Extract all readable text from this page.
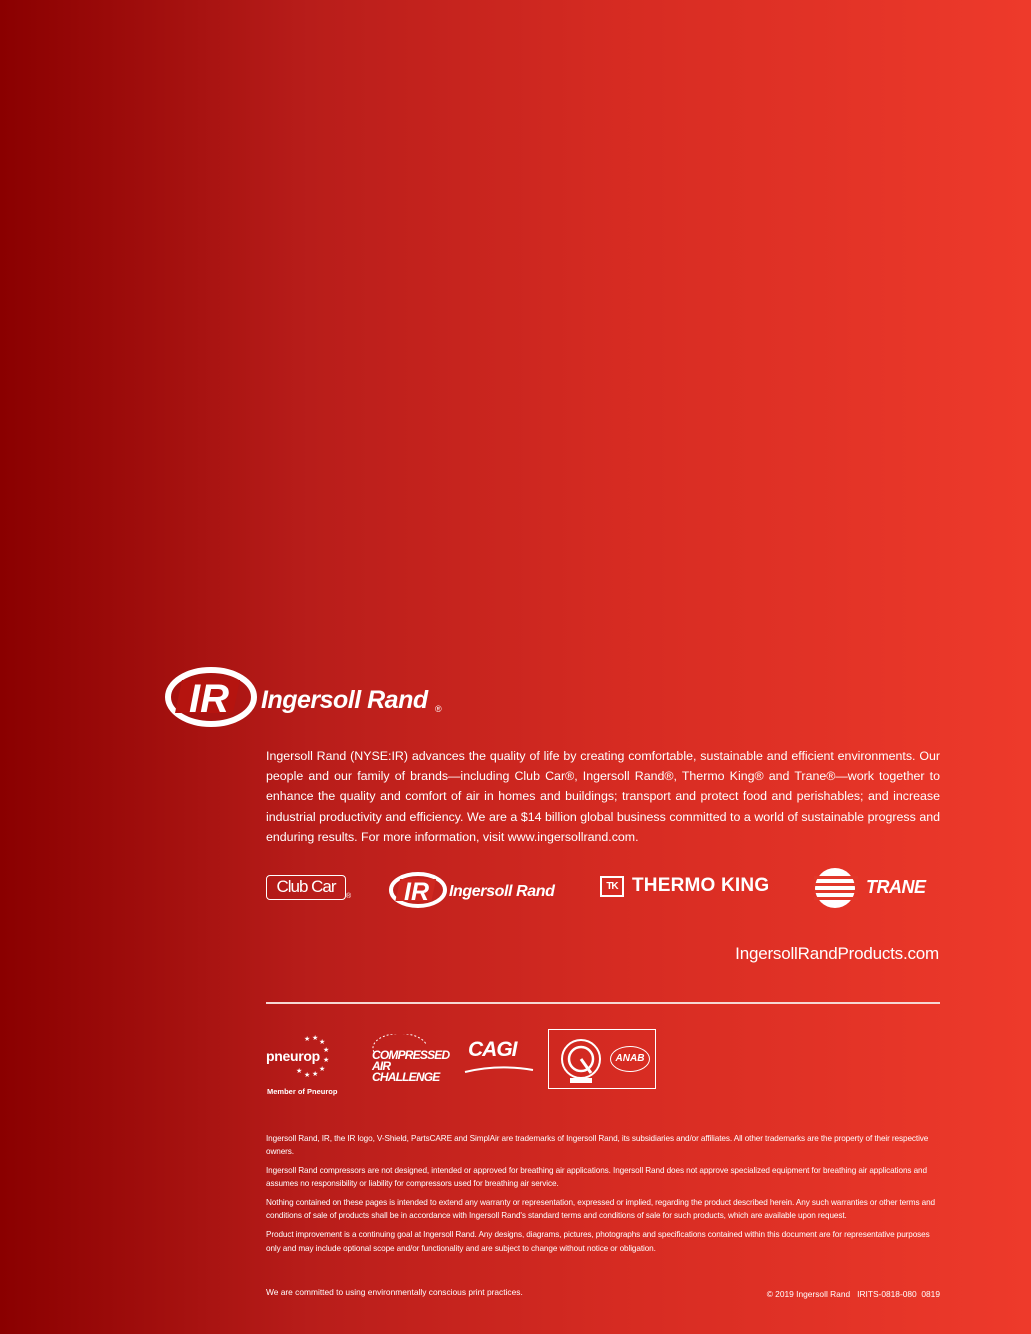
IR Ingersoll Rand ®
Ingersoll Rand (NYSE:IR) advances the quality of life by creating comfortable, sustainable and efficient environments. Our people and our family of brands—including Club Car®, Ingersoll Rand®, Thermo King® and Trane®—work together to enhance the quality and comfort of air in homes and buildings; transport and protect food and perishables; and increase industrial productivity and efficiency. We are a $14 billion global business committed to a world of sustainable progress and enduring results. For more information, visit www.ingersollrand.com.
Club Car
® IR Ingersoll Rand	TK THERMO KING	TRANE
IngersollRandProducts.com
★ ★ ★
★
★
★
★
★
★
pneurop
Member of Pneurop
COMPRESSED AIR
CHALLENGE
CAGI	ANAB

Ingersoll Rand, IR, the IR logo, V-Shield, PartsCARE and SimplAir are trademarks of Ingersoll Rand, its subsidiaries and/or affiliates. All other trademarks are the property of their respective owners.

Ingersoll Rand compressors are not designed, intended or approved for breathing air applications. Ingersoll Rand does not approve specialized equipment for breathing air applications and assumes no responsibility or liability for compressors used for breathing air service.

Nothing contained on these pages is intended to extend any warranty or representation, expressed or implied, regarding the product described herein. Any such warranties or other terms and conditions of sale of products shall be in accordance with Ingersoll Rand's standard terms and conditions of sale for such products, which are available upon request.

Product improvement is a continuing goal at Ingersoll Rand. Any designs, diagrams, pictures, photographs and specifications contained within this document are for representative purposes only and may include optional scope and/or functionality and are subject to change without notice or obligation.

We are committed to using environmentally conscious print practices.	© 2019 Ingersoll Rand   IRITS-0818-080  0819
